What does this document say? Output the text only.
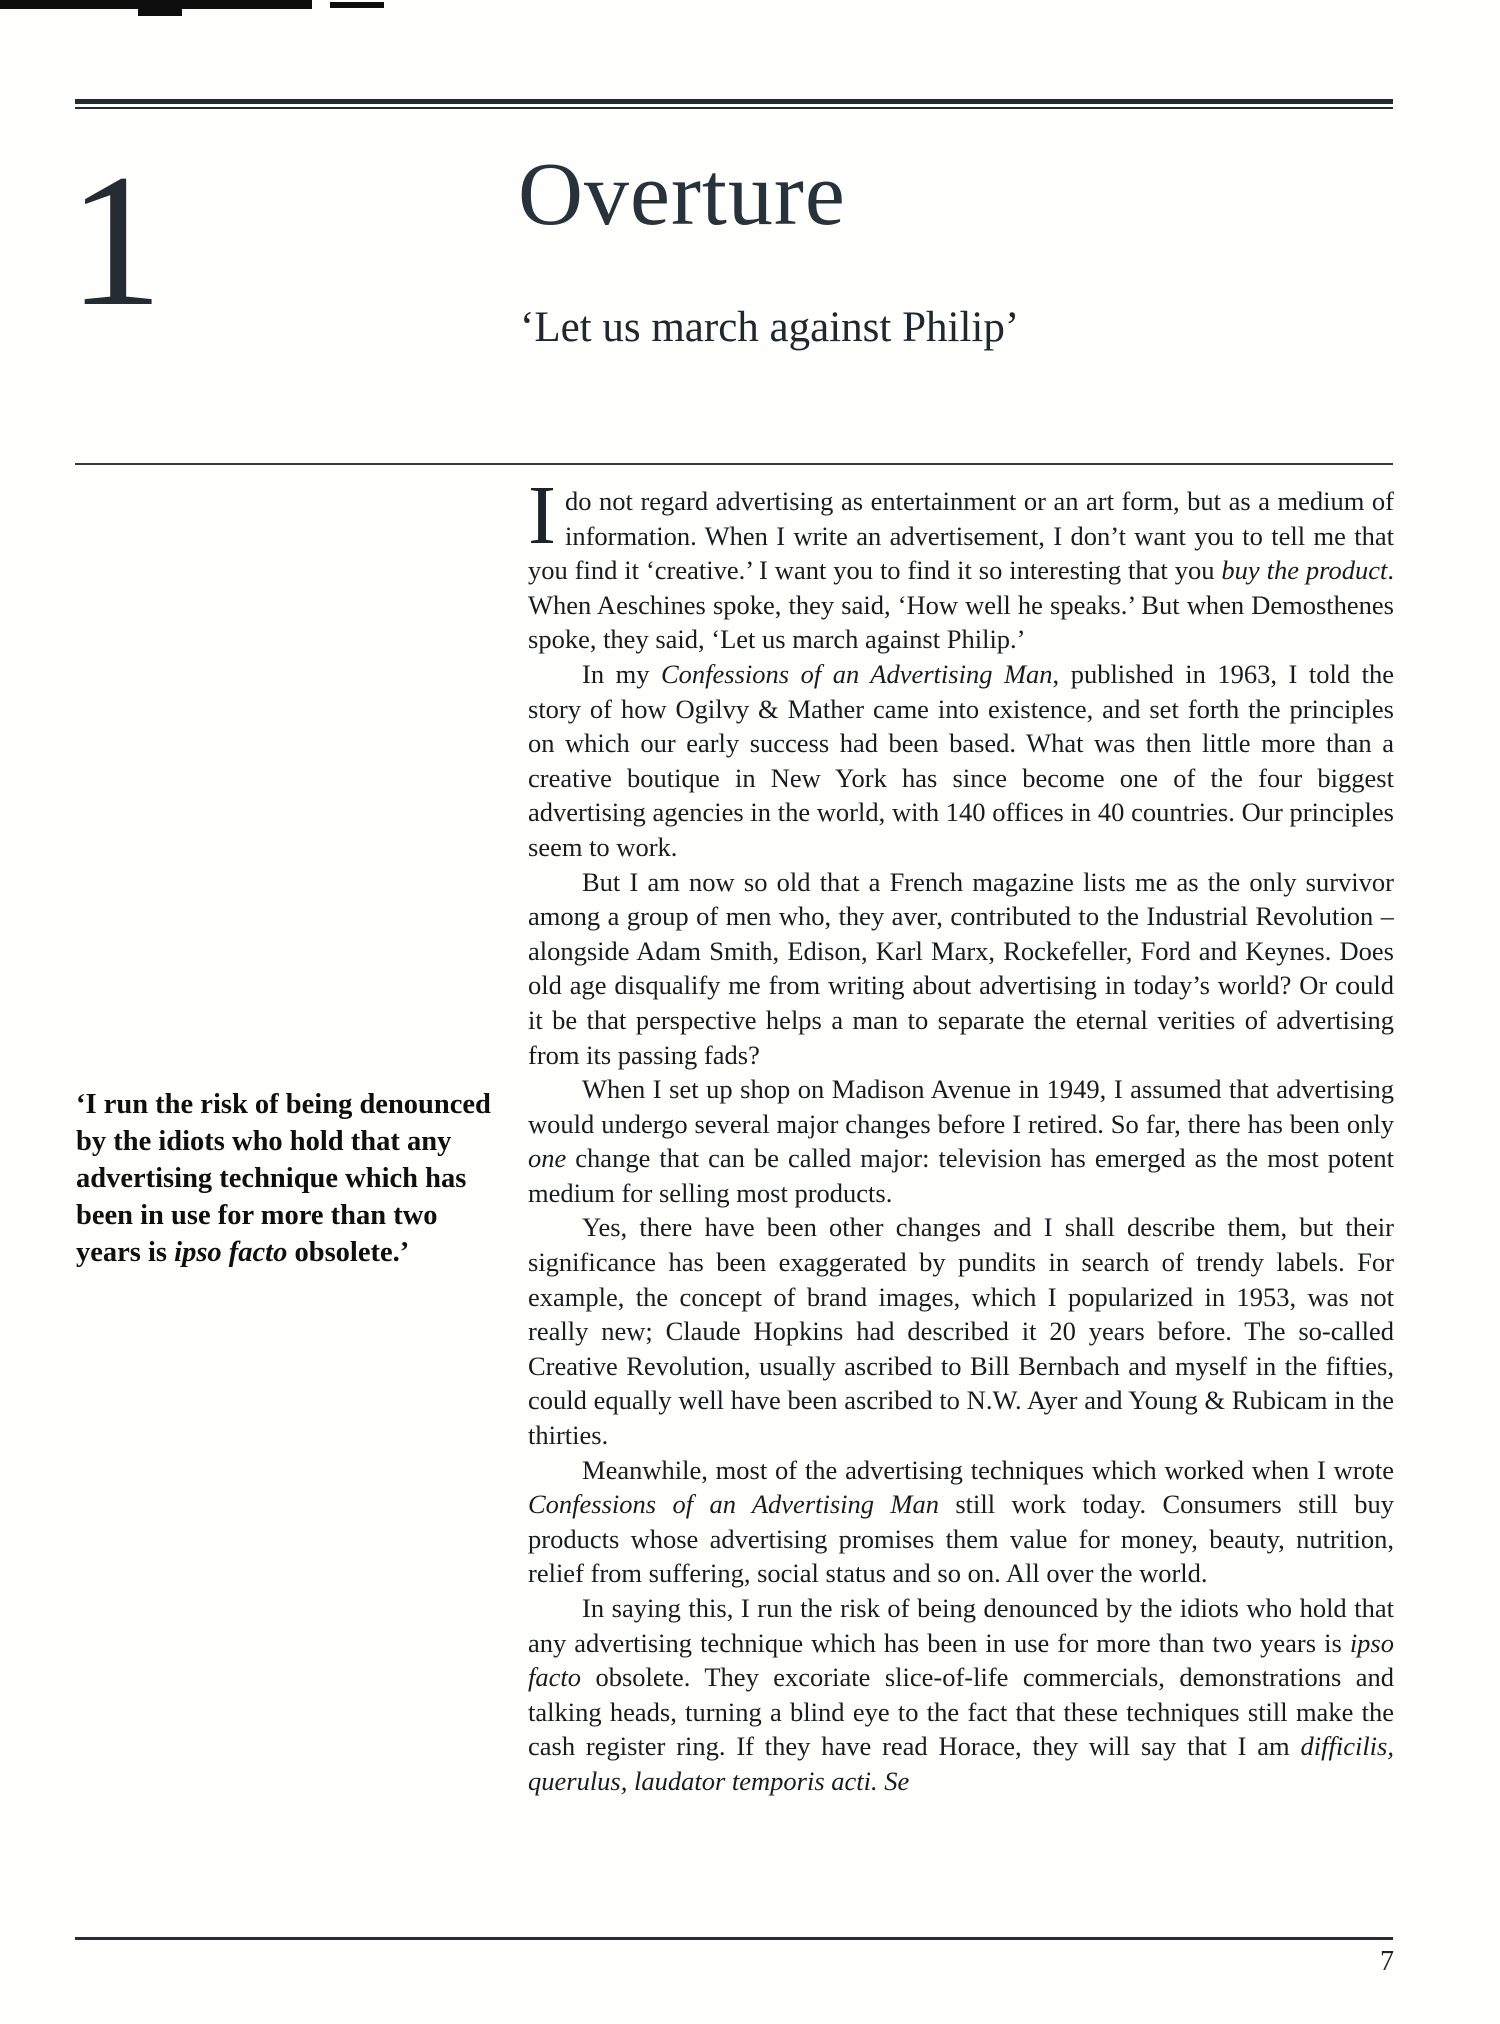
1	Overture
‘Let us march against Philip’
‘I run the risk of being denounced by the idiots who hold that any advertising technique which has been in use for more than two years is ipso facto obsolete.’

Ido not regard advertising as entertainment or an art form, but as a medium of information. When I write an advertisement, I don’t want you to tell me that you find it ‘creative.’ I want you to find it so interesting that you buy the product. When Aeschines spoke, they said, ‘How well he speaks.’ But when Demosthenes spoke, they said, ‘Let us march against Philip.’

In my Confessions of an Advertising Man, published in 1963, I told the story of how Ogilvy & Mather came into existence, and set forth the principles on which our early success had been based. What was then little more than a creative boutique in New York has since become one of the four biggest advertising agencies in the world, with 140 offices in 40 countries. Our principles seem to work.

But I am now so old that a French magazine lists me as the only survivor among a group of men who, they aver, contributed to the Industrial Revolution – alongside Adam Smith, Edison, Karl Marx, Rockefeller, Ford and Keynes. Does old age disqualify me from writing about advertising in today’s world? Or could it be that perspective helps a man to separate the eternal verities of advertising from its passing fads?

When I set up shop on Madison Avenue in 1949, I assumed that advertising would undergo several major changes before I retired. So far, there has been only one change that can be called major: television has emerged as the most potent medium for selling most products.

Yes, there have been other changes and I shall describe them, but their significance has been exaggerated by pundits in search of trendy labels. For example, the concept of brand images, which I popularized in 1953, was not really new; Claude Hopkins had described it 20 years before. The so-called Creative Revolution, usually ascribed to Bill Bernbach and myself in the fifties, could equally well have been ascribed to N.W. Ayer and Young & Rubicam in the thirties.

Meanwhile, most of the advertising techniques which worked when I wrote Confessions of an Advertising Man still work today. Consumers still buy products whose advertising promises them value for money, beauty, nutrition, relief from suffering, social status and so on. All over the world.

In saying this, I run the risk of being denounced by the idiots who hold that any advertising technique which has been in use for more than two years is ipso facto obsolete. They excoriate slice-of-life commercials, demonstrations and talking heads, turning a blind eye to the fact that these techniques still make the cash register ring. If they have read Horace, they will say that I am difficilis, querulus, laudator temporis acti. Se

7
